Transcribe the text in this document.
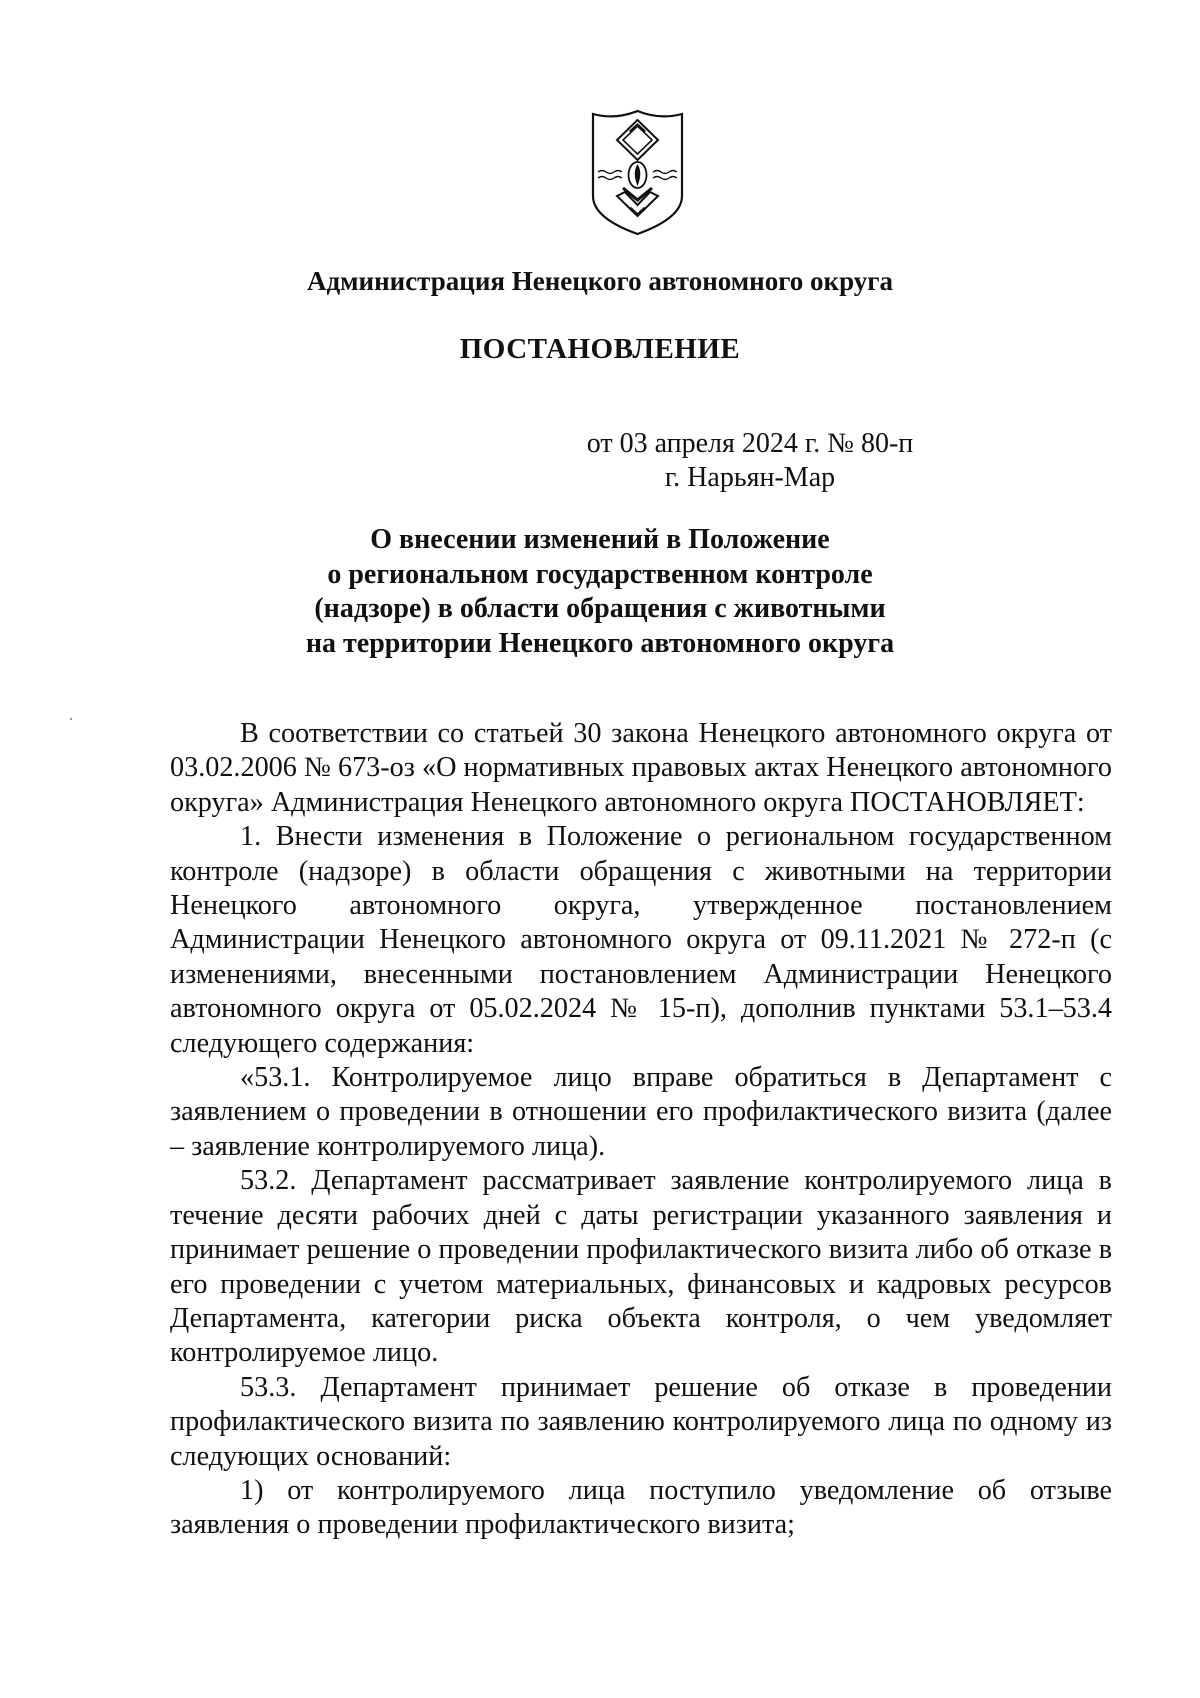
Администрация Ненецкого автономного округа
ПОСТАНОВЛЕНИЕ
от 03 апреля 2024 г. № 80-п
г. Нарьян-Мар
О внесении изменений в Положение
о региональном государственном контроле
(надзоре) в области обращения с животными
на территории Ненецкого автономного округа

В соответствии со статьей 30 закона Ненецкого автономного округа от 03.02.2006 № 673-оз «О нормативных правовых актах Ненецкого автономного округа» Администрация Ненецкого автономного округа ПОСТАНОВЛЯЕТ:

1. Внести изменения в Положение о региональном государственном контроле (надзоре) в области обращения с животными на территории Ненецкого автономного округа, утвержденное постановлением Администрации Ненецкого автономного округа от 09.11.2021 № 272-п (с изменениями, внесенными постановлением Администрации Ненецкого автономного округа от 05.02.2024 № 15-п), дополнив пунктами 53.1–53.4 следующего содержания:

«53.1. Контролируемое лицо вправе обратиться в Департамент с заявлением о проведении в отношении его профилактического визита (далее – заявление контролируемого лица).

53.2. Департамент рассматривает заявление контролируемого лица в течение десяти рабочих дней с даты регистрации указанного заявления и принимает решение о проведении профилактического визита либо об отказе в его проведении с учетом материальных, финансовых и кадровых ресурсов Департамента, категории риска объекта контроля, о чем уведомляет контролируемое лицо.

53.3. Департамент принимает решение об отказе в проведении профилактического визита по заявлению контролируемого лица по одному из следующих оснований:

1) от контролируемого лица поступило уведомление об отзыве заявления о проведении профилактического визита;
